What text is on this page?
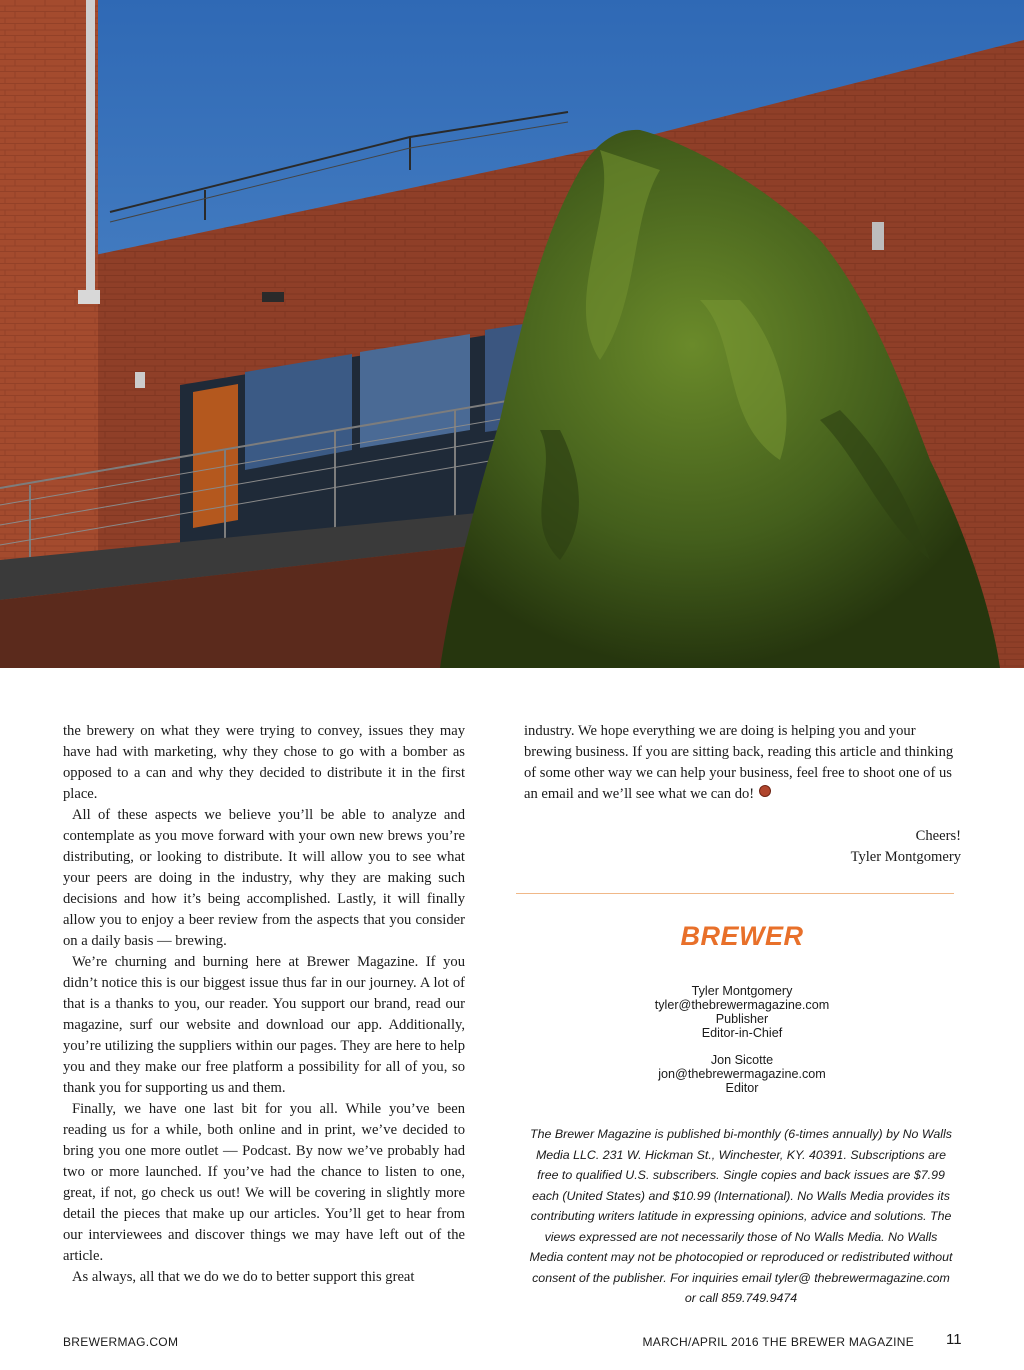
the brewery on what they were trying to convey, issues they may have had with marketing, why they chose to go with a bomber as opposed to a can and why they decided to distribute it in the first place.

All of these aspects we believe you’ll be able to analyze and contemplate as you move forward with your own new brews you’re distributing, or looking to distribute. It will allow you to see what your peers are doing in the industry, why they are making such decisions and how it’s being accomplished. Lastly, it will finally allow you to enjoy a beer review from the aspects that you consider on a daily basis — brewing.

We’re churning and burning here at Brewer Magazine. If you didn’t notice this is our biggest issue thus far in our journey. A lot of that is a thanks to you, our reader. You support our brand, read our magazine, surf our website and download our app. Additionally, you’re utilizing the suppliers within our pages. They are here to help you and they make our free platform a possibility for all of you, so thank you for supporting us and them.

Finally, we have one last bit for you all. While you’ve been reading us for a while, both online and in print, we’ve decided to bring you one more outlet — Podcast. By now we’ve probably had two or more launched. If you’ve had the chance to listen to one, great, if not, go check us out! We will be covering in slightly more detail the pieces that make up our articles. You’ll get to hear from our interviewees and discover things we may have left out of the article.

As always, all that we do we do to better support this great

industry. We hope everything we are doing is helping you and your brewing business. If you are sitting back, reading this article and thinking of some other way we can help your business, feel free to shoot one of us an email and we’ll see what we can do!

Cheers!
Tyler Montgomery
BREWER
Tyler Montgomery
tyler@thebrewermagazine.com
Publisher
Editor-in-Chief
Jon Sicotte
jon@thebrewermagazine.com
Editor
The Brewer Magazine is published bi-monthly (6-times annually) by No Walls Media LLC. 231 W. Hickman St., Winchester, KY. 40391. Subscriptions are free to qualified U.S. subscribers. Single copies and back issues are $7.99 each (United States) and $10.99 (International). No Walls Media provides its contributing writers latitude in expressing opinions, advice and solutions. The views expressed are not necessarily those of No Walls Media. No Walls Media content may not be photocopied or reproduced or redistributed without consent of the publisher. For inquiries email tyler@ thebrewermagazine.com or call 859.749.9474
BREWERMAG.COM	MARCH/APRIL 2016 THE BREWER MAGAZINE 11
